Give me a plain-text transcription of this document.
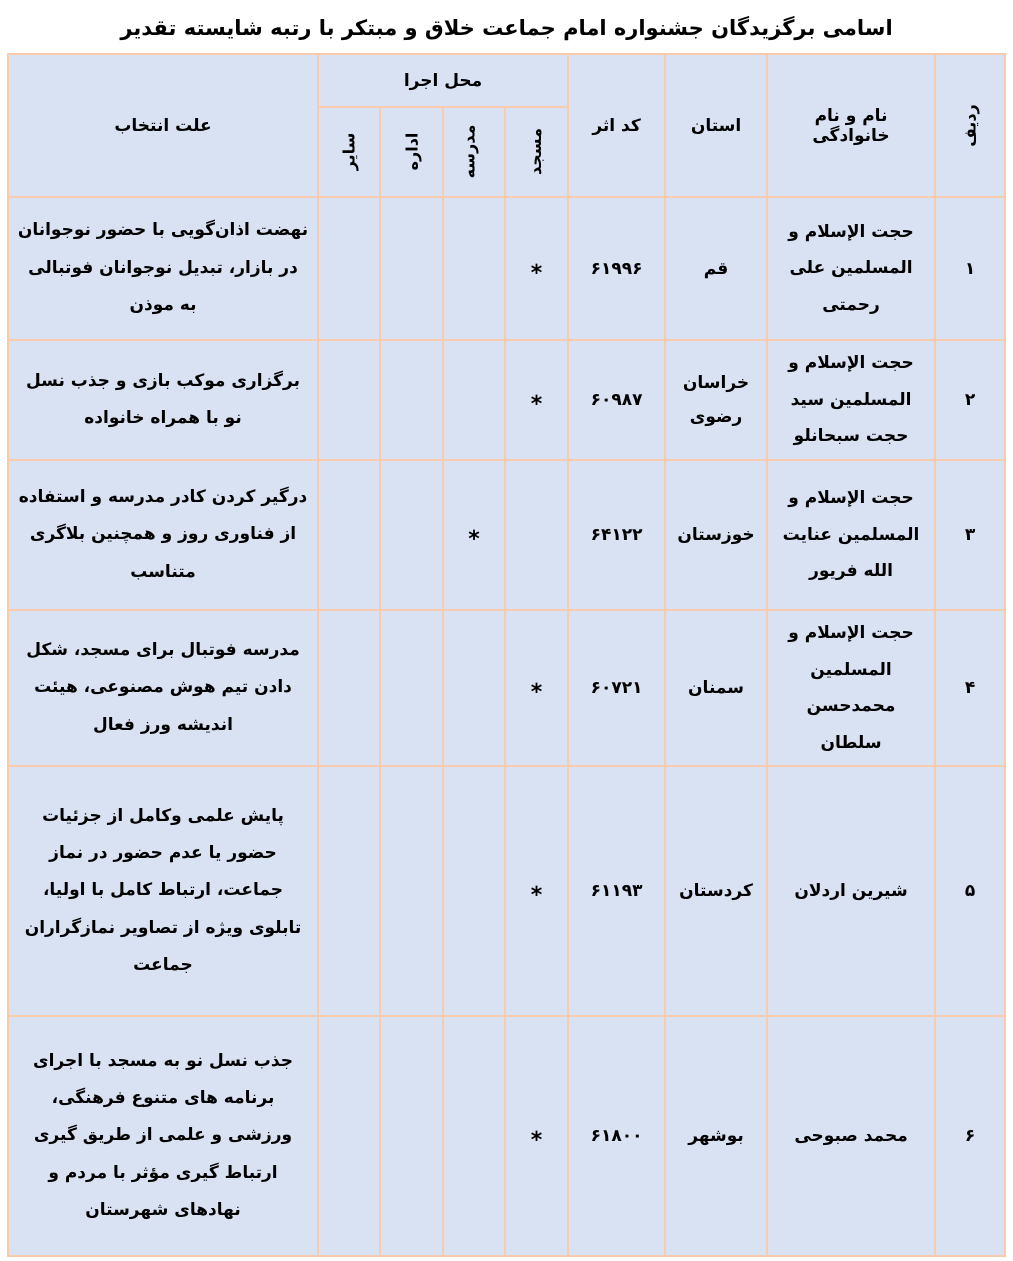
اسامی برگزیدگان جشنواره امام جماعت خلاق و مبتکر با رتبه شایسته تقدیر
ردیف	نام و نام خانوادگی	استان	کد اثر	محل اجرا				علت انتخاب
				مسجد	مدرسه	اداره	سایر	
۱	حجت الإسلام و المسلمین علی رحمتی	قم	۶۱۹۹۶	*				نهضت اذان‌گویی با حضور نوجوانان در بازار، تبدیل نوجوانان فوتبالی به موذن
۲	حجت الإسلام و المسلمین سید حجت سبحانلو	خراسان رضوی	۶۰۹۸۷	*				برگزاری موکب بازی و جذب نسل نو با همراه خانواده
۳	حجت الإسلام و المسلمین عنایت الله فریور	خوزستان	۶۴۱۲۲		*			درگیر کردن کادر مدرسه و استفاده از فناوری روز و همچنین بلاگری متناسب
۴	حجت الإسلام و المسلمین محمدحسن سلطان	سمنان	۶۰۷۲۱	*				مدرسه فوتبال برای مسجد، شکل دادن تیم هوش مصنوعی، هیئت اندیشه ورز فعال
۵	شیرین اردلان	کردستان	۶۱۱۹۳	*				پایش علمی وکامل از جزئیات حضور یا عدم حضور در نماز جماعت، ارتباط کامل با اولیا، تابلوی ویژه از تصاویر نمازگراران جماعت
۶	محمد صبوحی	بوشهر	۶۱۸۰۰	*				جذب نسل نو به مسجد با اجرای برنامه های متنوع فرهنگی، ورزشی و علمی از طریق گیری ارتباط گیری مؤثر با مردم و نهادهای شهرستان
